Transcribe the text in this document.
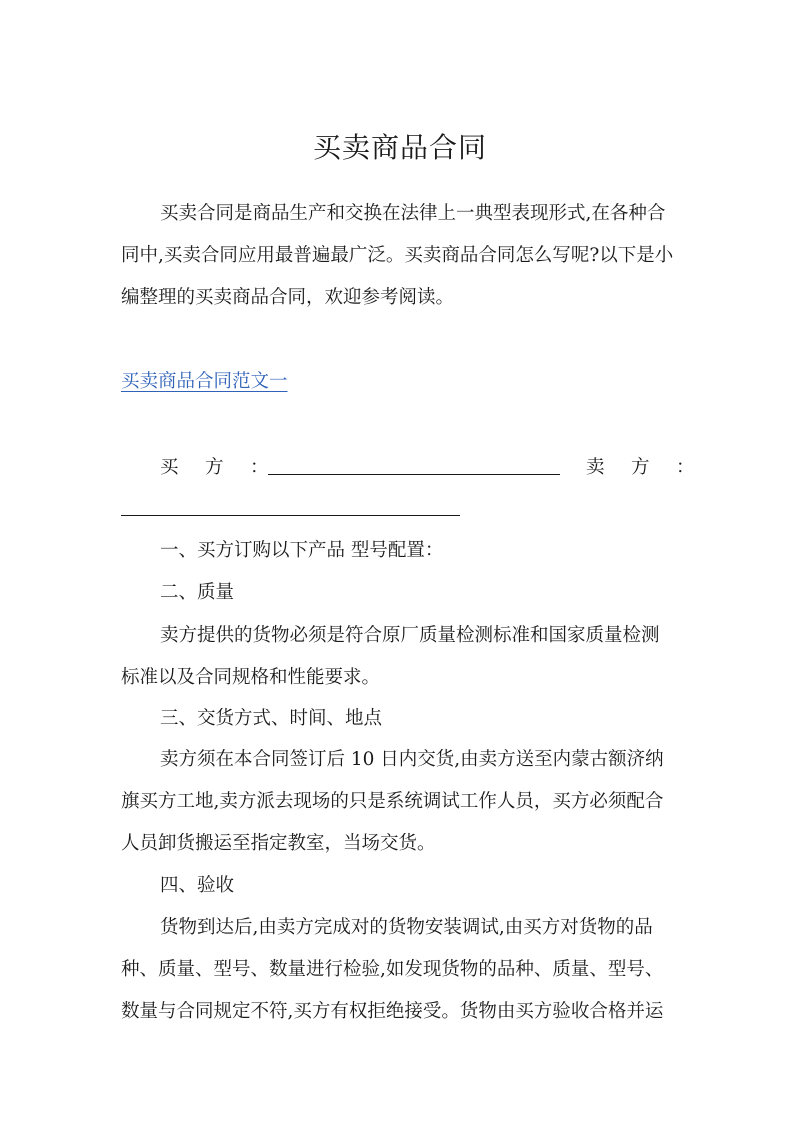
买卖商品合同
买卖合同是商品生产和交换在法律上一典型表现形式,在各种合
同中,买卖合同应用最普遍最广泛。买卖商品合同怎么写呢?以下是小
编整理的买卖商品合同，欢迎参考阅读。
买卖商品合同范文一
买　方　：	卖　方　：
一、买方订购以下产品 型号配置：
二、质量
卖方提供的货物必须是符合原厂质量检测标准和国家质量检测
标准以及合同规格和性能要求。
三、交货方式、时间、地点
卖方须在本合同签订后 10 日内交货,由卖方送至内蒙古额济纳
旗买方工地,卖方派去现场的只是系统调试工作人员，买方必须配合
人员卸货搬运至指定教室，当场交货。
四、验收
货物到达后,由卖方完成对的货物安装调试,由买方对货物的品
种、质量、型号、数量进行检验,如发现货物的品种、质量、型号、
数量与合同规定不符,买方有权拒绝接受。货物由买方验收合格并运
